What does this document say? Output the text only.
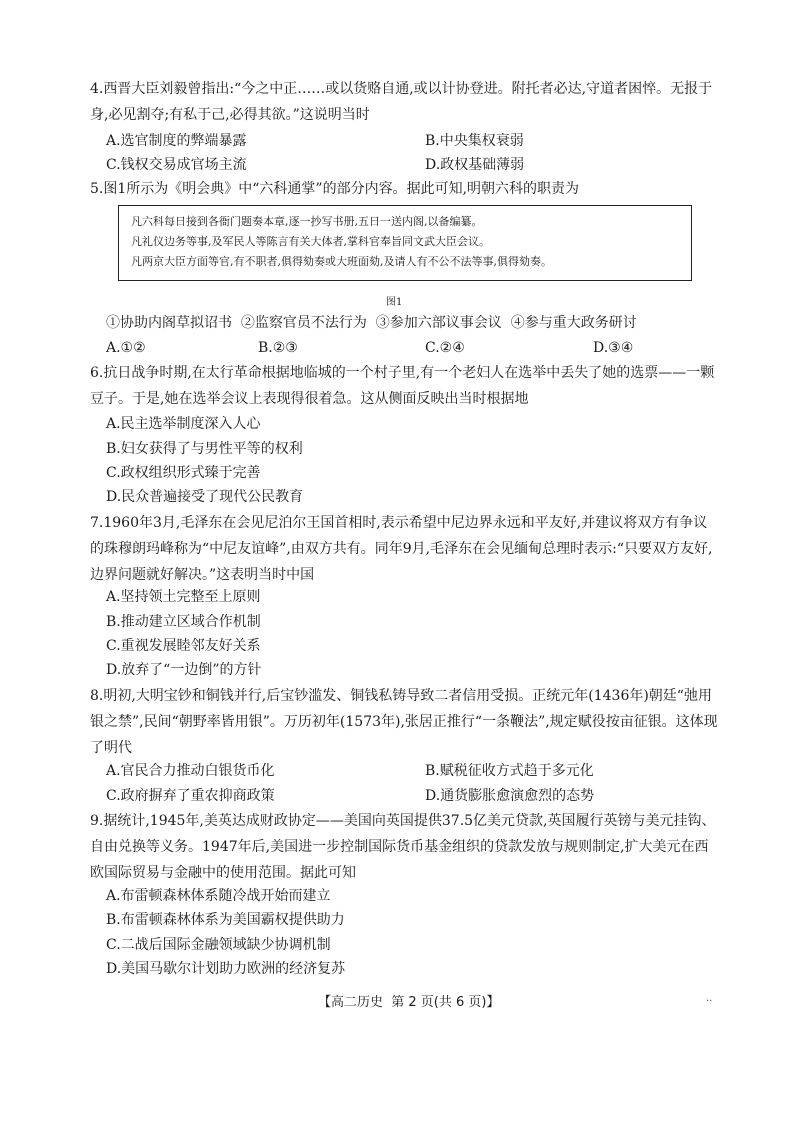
4.西晋大臣刘毅曾指出:“今之中正……或以货赂自通,或以计协登进。附托者必达,守道者困悴。无报于身,必见割夺;有私于己,必得其欲。”这说明当时

A.选官制度的弊端暴露	B.中央集权衰弱
C.钱权交易成官场主流	D.政权基础薄弱

5.图1所示为《明会典》中“六科通掌”的部分内容。据此可知,明朝六科的职责为

凡六科每日接到各衙门题奏本章,逐一抄写书册,五日一送内阁,以备编纂。

凡礼仪边务等事,及军民人等陈言有关大体者,掌科官奉旨同文武大臣会议。

凡两京大臣方面等官,有不职者,俱得劾奏或大班面劾,及请人有不公不法等事,俱得劾奏。

图1
①协助内阁草拟诏书  ②监察官员不法行为  ③参加六部议事会议  ④参与重大政务研讨
A.①②	B.②③	C.②④	D.③④

6.抗日战争时期,在太行革命根据地临城的一个村子里,有一个老妇人在选举中丢失了她的选票——一颗豆子。于是,她在选举会议上表现得很着急。这从侧面反映出当时根据地

A.民主选举制度深入人心
B.妇女获得了与男性平等的权利
C.政权组织形式臻于完善
D.民众普遍接受了现代公民教育

7.1960年3月,毛泽东在会见尼泊尔王国首相时,表示希望中尼边界永远和平友好,并建议将双方有争议的珠穆朗玛峰称为“中尼友谊峰”,由双方共有。同年9月,毛泽东在会见缅甸总理时表示:“只要双方友好,边界问题就好解决。”这表明当时中国

A.坚持领土完整至上原则
B.推动建立区域合作机制
C.重视发展睦邻友好关系
D.放弃了“一边倒”的方针

8.明初,大明宝钞和铜钱并行,后宝钞滥发、铜钱私铸导致二者信用受损。正统元年(1436年)朝廷“弛用银之禁”,民间“朝野率皆用银”。万历初年(1573年),张居正推行“一条鞭法”,规定赋役按亩征银。这体现了明代

A.官民合力推动白银货币化	B.赋税征收方式趋于多元化
C.政府摒弃了重农抑商政策	D.通货膨胀愈演愈烈的态势

9.据统计,1945年,美英达成财政协定——美国向英国提供37.5亿美元贷款,英国履行英镑与美元挂钩、自由兑换等义务。1947年后,美国进一步控制国际货币基金组织的贷款发放与规则制定,扩大美元在西欧国际贸易与金融中的使用范围。据此可知

A.布雷顿森林体系随冷战开始而建立
B.布雷顿森林体系为美国霸权提供助力
C.二战后国际金融领域缺少协调机制
D.美国马歇尔计划助力欧洲的经济复苏
【高二历史  第 2 页(共 6 页)】	..
